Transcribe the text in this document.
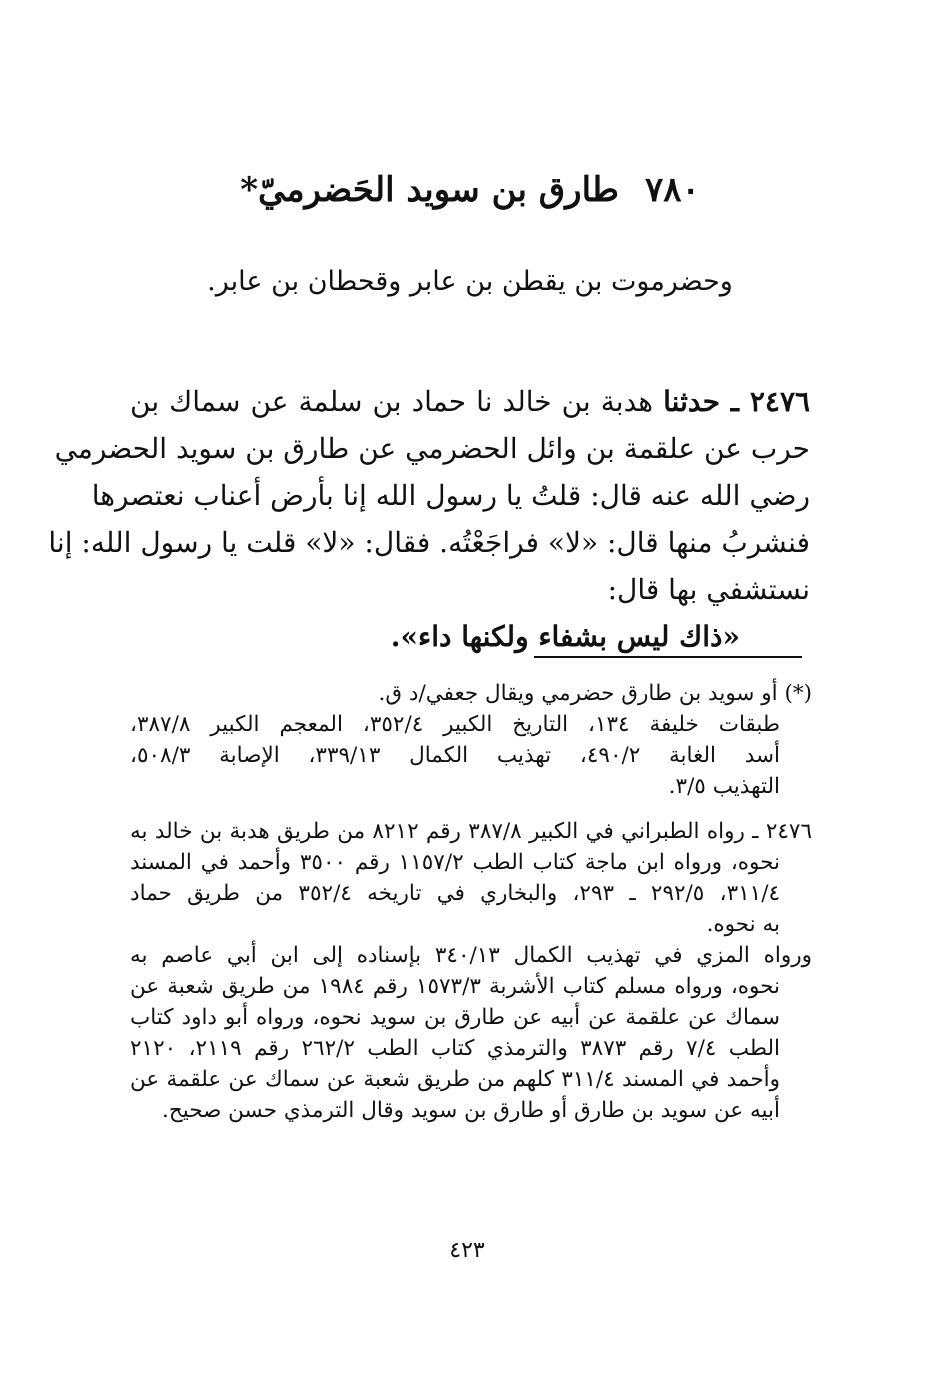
٧٨٠طارق بن سويد الحَضرميّ*
وحضرموت بن يقطن بن عابر وقحطان بن عابر.
٢٤٧٦ ـ حدثنا هدبة بن خالد نا حماد بن سلمة عن سماك بن
حرب عن علقمة بن وائل الحضرمي عن طارق بن سويد الحضرمي
رضي الله عنه قال: قلتُ يا رسول الله إنا بأرض أعناب نعتصرها
فنشربُ منها قال: «لا» فراجَعْتُه. فقال: «لا» قلت يا رسول الله: إنا
نستشفي بها قال:
«ذاك ليس بشفاء ولكنها داء».
(*) أو سويد بن طارق حضرمي ويقال جعفي/د ق.
طبقات خليفة ١٣٤، التاريخ الكبير ٣٥٢/٤، المعجم الكبير ٣٨٧/٨،
أسد الغابة ٤٩٠/٢، تهذيب الكمال ٣٣٩/١٣، الإصابة ٥٠٨/٣،
التهذيب ٣/٥.
٢٤٧٦ ـ رواه الطبراني في الكبير ٣٨٧/٨ رقم ٨٢١٢ من طريق هدبة بن خالد به
نحوه، ورواه ابن ماجة كتاب الطب ١١٥٧/٢ رقم ٣٥٠٠ وأحمد في المسند
٣١١/٤، ٢٩٢/٥ ـ ٢٩٣، والبخاري في تاريخه ٣٥٢/٤ من طريق حماد
به نحوه.
ورواه المزي في تهذيب الكمال ٣٤٠/١٣ بإسناده إلى ابن أبي عاصم به
نحوه، ورواه مسلم كتاب الأشربة ١٥٧٣/٣ رقم ١٩٨٤ من طريق شعبة عن
سماك عن علقمة عن أبيه عن طارق بن سويد نحوه، ورواه أبو داود كتاب
الطب ٧/٤ رقم ٣٨٧٣ والترمذي كتاب الطب ٢٦٢/٢ رقم ٢١١٩، ٢١٢٠
وأحمد في المسند ٣١١/٤ كلهم من طريق شعبة عن سماك عن علقمة عن
أبيه عن سويد بن طارق أو طارق بن سويد وقال الترمذي حسن صحيح.
٤٢٣
